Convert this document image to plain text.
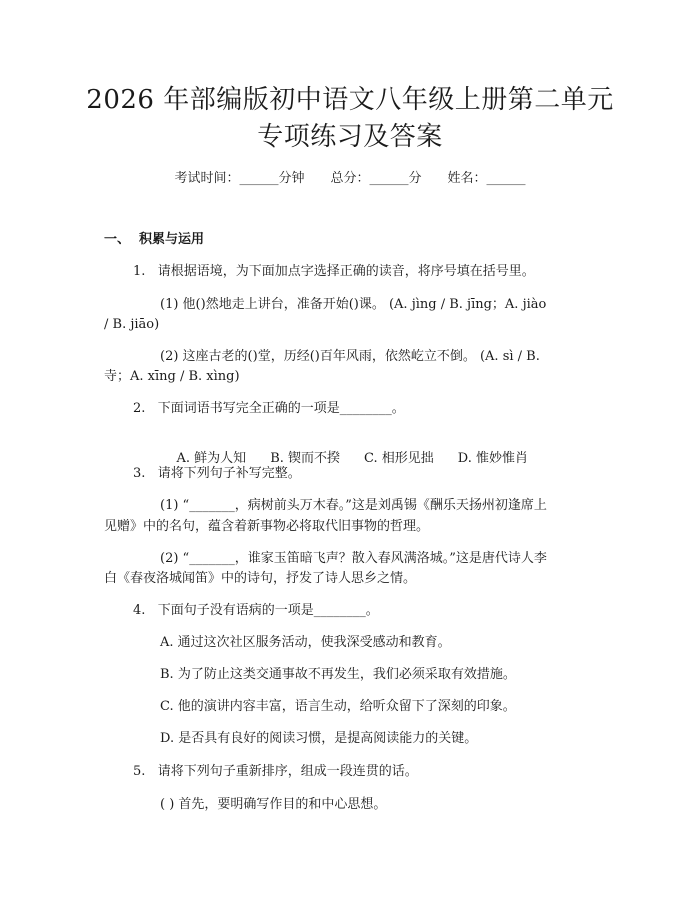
2026 年部编版初中语文八年级上册第二单元
专项练习及答案
考试时间：______分钟 总分：______分 姓名：______
一、  积累与运用
1.   请根据语境，为下面加点字选择正确的读音，将序号填在括号里。
(1) 他()然地走上讲台，准备开始()课。 (A. jìng / B. jīng；A. jiào
/ B. jiāo)
(2) 这座古老的()堂，历经()百年风雨，依然屹立不倒。 (A. sì / B.
寺；A. xīng / B. xìng)
2.   下面词语书写完全正确的一项是________。

A. 鲜为人知 B. 锲而不揆 C. 相形见拙 D. 惟妙惟肖

3.   请将下列句子补写完整。
(1) “_______，病树前头万木春。”这是刘禹锡《酬乐天扬州初逢席上
见赠》中的名句，蕴含着新事物必将取代旧事物的哲理。
(2) “_______，谁家玉笛暗飞声？散入春风满洛城。”这是唐代诗人李
白《春夜洛城闻笛》中的诗句，抒发了诗人思乡之情。
4.   下面句子没有语病的一项是________。
A. 通过这次社区服务活动，使我深受感动和教育。
B. 为了防止这类交通事故不再发生，我们必须采取有效措施。
C. 他的演讲内容丰富，语言生动，给听众留下了深刻的印象。
D. 是否具有良好的阅读习惯，是提高阅读能力的关键。
5.   请将下列句子重新排序，组成一段连贯的话。
( ) 首先，要明确写作目的和中心思想。
